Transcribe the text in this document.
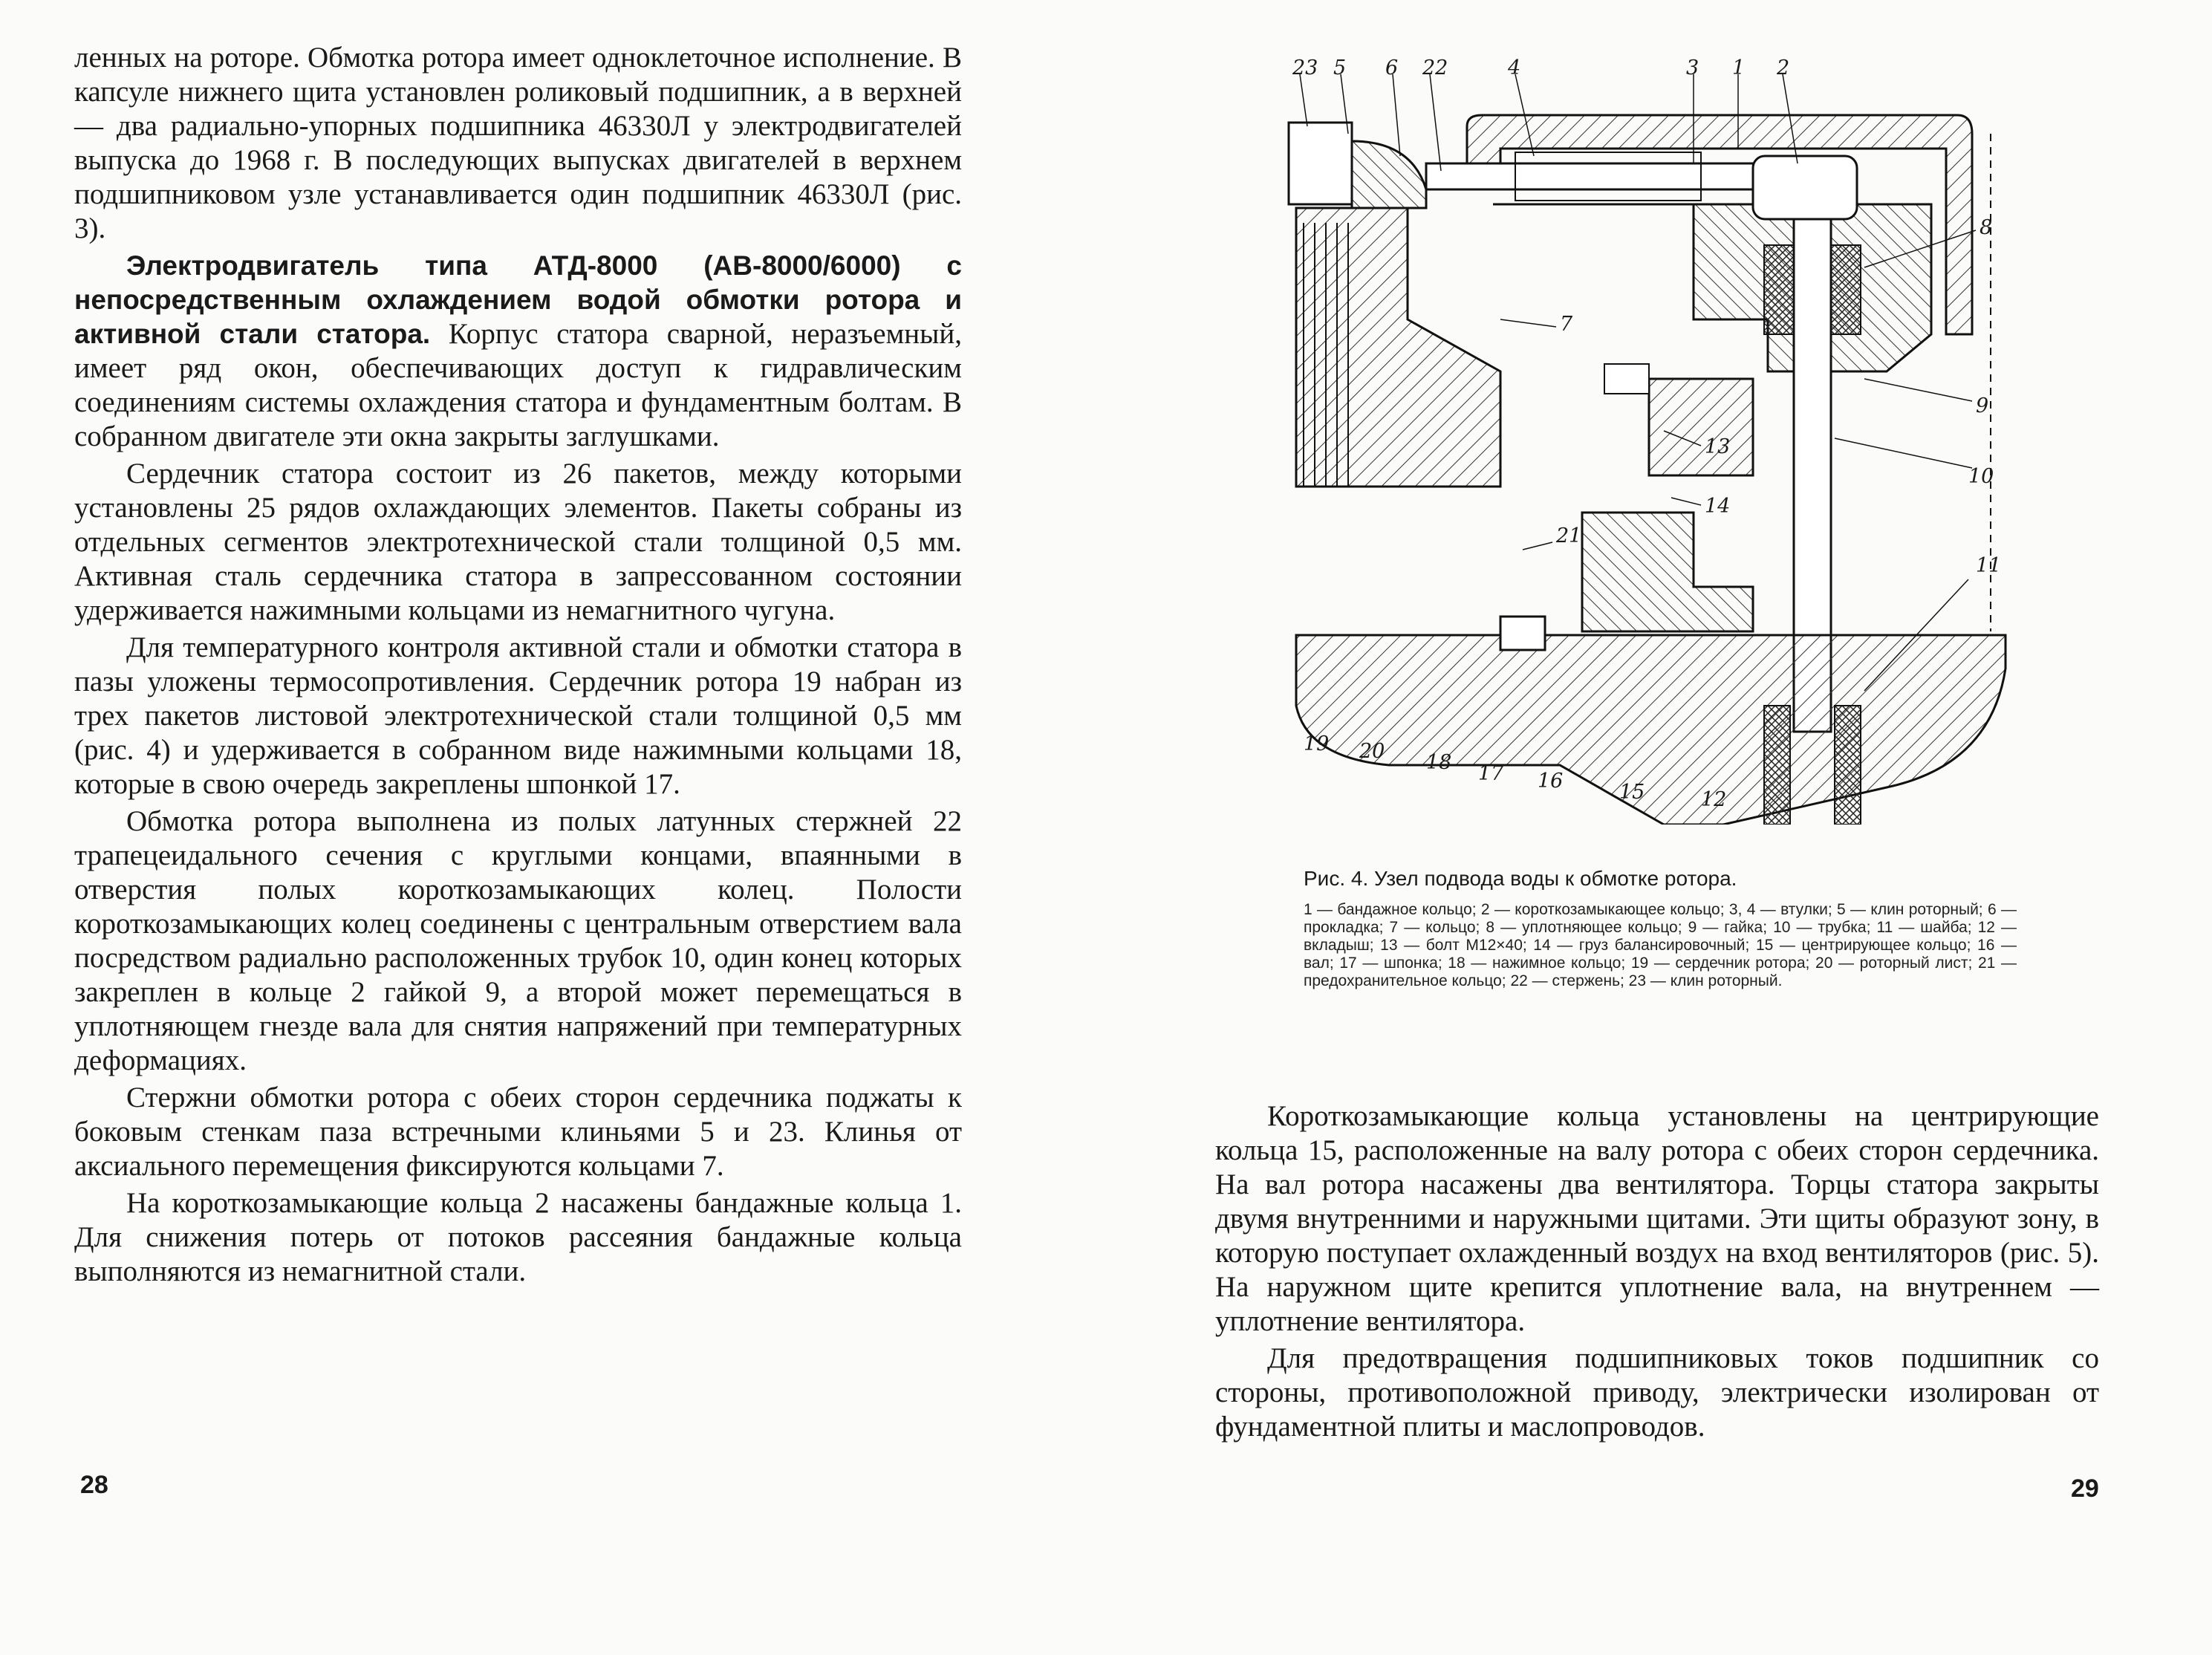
ленных на роторе. Обмотка ротора имеет одноклеточное исполнение. В капсуле нижнего щита установлен роликовый подшипник, а в верхней — два радиально-упорных подшипника 46330Л у электродвигателей выпуска до 1968 г. В последующих выпусках двигателей в верхнем подшипниковом узле устанавливается один подшипник 46330Л (рис. 3).

Электродвигатель типа АТД-8000 (АВ-8000/6000) с непосредственным охлаждением водой обмотки ротора и активной стали статора. Корпус статора сварной, неразъемный, имеет ряд окон, обеспечивающих доступ к гидравлическим соединениям системы охлаждения статора и фундаментным болтам. В собранном двигателе эти окна закрыты заглушками.

Сердечник статора состоит из 26 пакетов, между которыми установлены 25 рядов охлаждающих элементов. Пакеты собраны из отдельных сегментов электротехнической стали толщиной 0,5 мм. Активная сталь сердечника статора в запрессованном состоянии удерживается нажимными кольцами из немагнитного чугуна.

Для температурного контроля активной стали и обмотки статора в пазы уложены термосопротивления. Сердечник ротора 19 набран из трех пакетов листовой электротехнической стали толщиной 0,5 мм (рис. 4) и удерживается в собранном виде нажимными кольцами 18, которые в свою очередь закреплены шпонкой 17.

Обмотка ротора выполнена из полых латунных стержней 22 трапецеидального сечения с круглыми концами, впаянными в отверстия полых короткозамыкающих колец. Полости короткозамыкающих колец соединены с центральным отверстием вала посредством радиально расположенных трубок 10, один конец которых закреплен в кольце 2 гайкой 9, а второй может перемещаться в уплотняющем гнезде вала для снятия напряжений при температурных деформациях.

Стержни обмотки ротора с обеих сторон сердечника поджаты к боковым стенкам паза встречными клиньями 5 и 23. Клинья от аксиального перемещения фиксируются кольцами 7.

На короткозамыкающие кольца 2 насажены бандажные кольца 1. Для снижения потерь от потоков рассеяния бандажные кольца выполняются из немагнитной стали.

28
23 5 6 22	4	3 1 2
8
9
10
11
7
13
14
21
19 20 18 17 16	15	12
Рис. 4. Узел подвода воды к обмотке ротора.
1 — бандажное кольцо; 2 — короткозамыкающее кольцо; 3, 4 — втулки; 5 — клин роторный; 6 — прокладка; 7 — кольцо; 8 — уплотняющее кольцо; 9 — гайка; 10 — трубка; 11 — шайба; 12 — вкладыш; 13 — болт М12×40; 14 — груз балансировочный; 15 — центрирующее кольцо; 16 — вал; 17 — шпонка; 18 — нажимное кольцо; 19 — сердечник ротора; 20 — роторный лист; 21 — предохранительное кольцо; 22 — стержень; 23 — клин роторный.

Короткозамыкающие кольца установлены на центрирующие кольца 15, расположенные на валу ротора с обеих сторон сердечника. На вал ротора насажены два вентилятора. Торцы статора закрыты двумя внутренними и наружными щитами. Эти щиты образуют зону, в которую поступает охлажденный воздух на вход вентиляторов (рис. 5). На наружном щите крепится уплотнение вала, на внутреннем — уплотнение вентилятора.

Для предотвращения подшипниковых токов подшипник со стороны, противоположной приводу, электрически изолирован от фундаментной плиты и маслопроводов.

29
